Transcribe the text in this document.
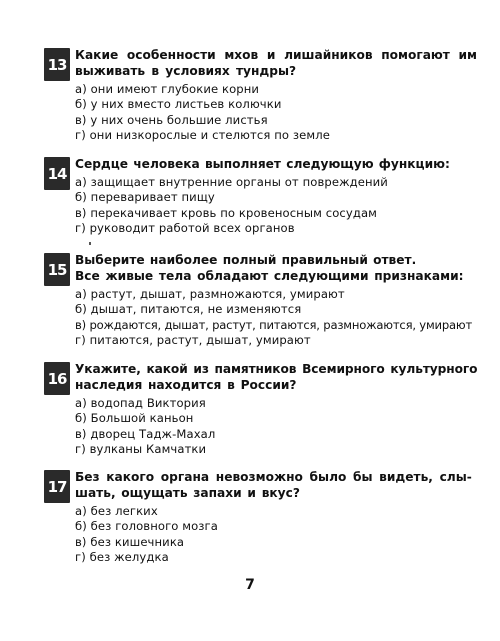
13
Какие особенности мхов и лишайников помогают им
выживать в условиях тундры?
а) они имеют глубокие корни
б) у них вместо листьев колючки
в) у них очень большие листья
г) они низкорослые и стелются по земле
14
Сердце человека выполняет следующую функцию:
а) защищает внутренние органы от повреждений
б) переваривает пищу
в) перекачивает кровь по кровеносным сосудам
г) руководит работой всех органов
15
Выберите наиболее полный правильный ответ.
Все живые тела обладают следующими признаками:
а) растут, дышат, размножаются, умирают
б) дышат, питаются, не изменяются
в) рождаются, дышат, растут, питаются, размножаются, умирают
г) питаются, растут, дышат, умирают
16
Укажите, какой из памятников Всемирного культурного
наследия находится в России?
а) водопад Виктория
б) Большой каньон
в) дворец Тадж-Махал
г) вулканы Камчатки
17
Без какого органа невозможно было бы видеть, слы-
шать, ощущать запахи и вкус?
а) без легких
б) без головного мозга
в) без кишечника
г) без желудка
7
